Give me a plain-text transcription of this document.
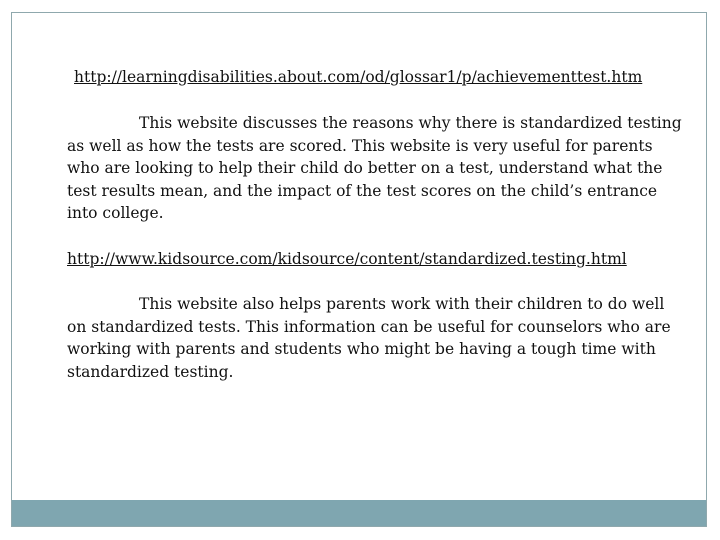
http://learningdisabilities.about.com/od/glossar1/p/achievementtest.htm

This website discusses the reasons why there is standardized testing as well as how the tests are scored. This website is very useful for parents who are looking to help their child do better on a test, understand what the test results mean, and the impact of the test scores on the child’s entrance into college.

http://www.kidsource.com/kidsource/content/standardized.testing.html

This website also helps parents work with their children to do well on standardized tests. This information can be useful for counselors who are working with parents and students who might be having a tough time with standardized testing.
